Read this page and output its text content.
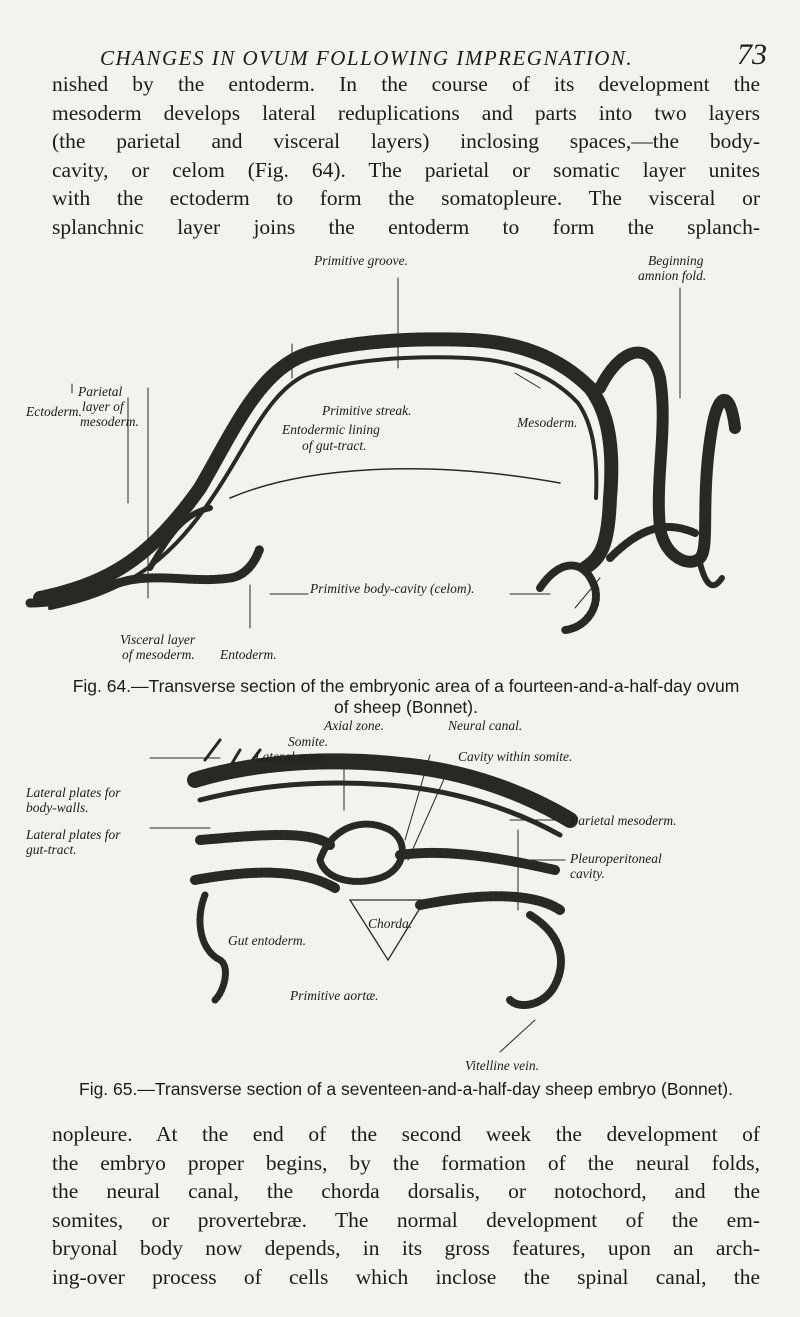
CHANGES IN OVUM FOLLOWING IMPREGNATION.	73
nished by the entoderm. In the course of its development the
mesoderm develops lateral reduplications and parts into two layers
(the parietal and visceral layers) inclosing spaces,—the body-
cavity, or celom (Fig. 64). The parietal or somatic layer unites
with the ectoderm to form the somatopleure. The visceral or
splanchnic layer joins the entoderm to form the splanch-
Primitive groove.	Beginning
amnion fold.
Parietal
layer of
mesoderm.
Ectoderm.	Primitive streak.
Entodermic lining
of gut-tract.
Mesoderm.
Primitive body-cavity (celom).
Visceral layer
of mesoderm. Entoderm.
Fig. 64.—Transverse section of the embryonic area of a fourteen-and-a-half-day ovum
of sheep (Bonnet).
Axial zone.	Neural canal.
Somite.
Lateral zone.	Cavity within somite.
Lateral plates for
body-walls.
Parietal mesoderm.
Lateral plates for
gut-tract.
Pleuroperitoneal
cavity.
Chorda.
Gut entoderm.
Primitive aortæ.
Vitelline vein.
Fig. 65.—Transverse section of a seventeen-and-a-half-day sheep embryo (Bonnet).
nopleure. At the end of the second week the development of
the embryo proper begins, by the formation of the neural folds,
the neural canal, the chorda dorsalis, or notochord, and the
somites, or provertebræ. The normal development of the em-
bryonal body now depends, in its gross features, upon an arch-
ing-over process of cells which inclose the spinal canal, the
